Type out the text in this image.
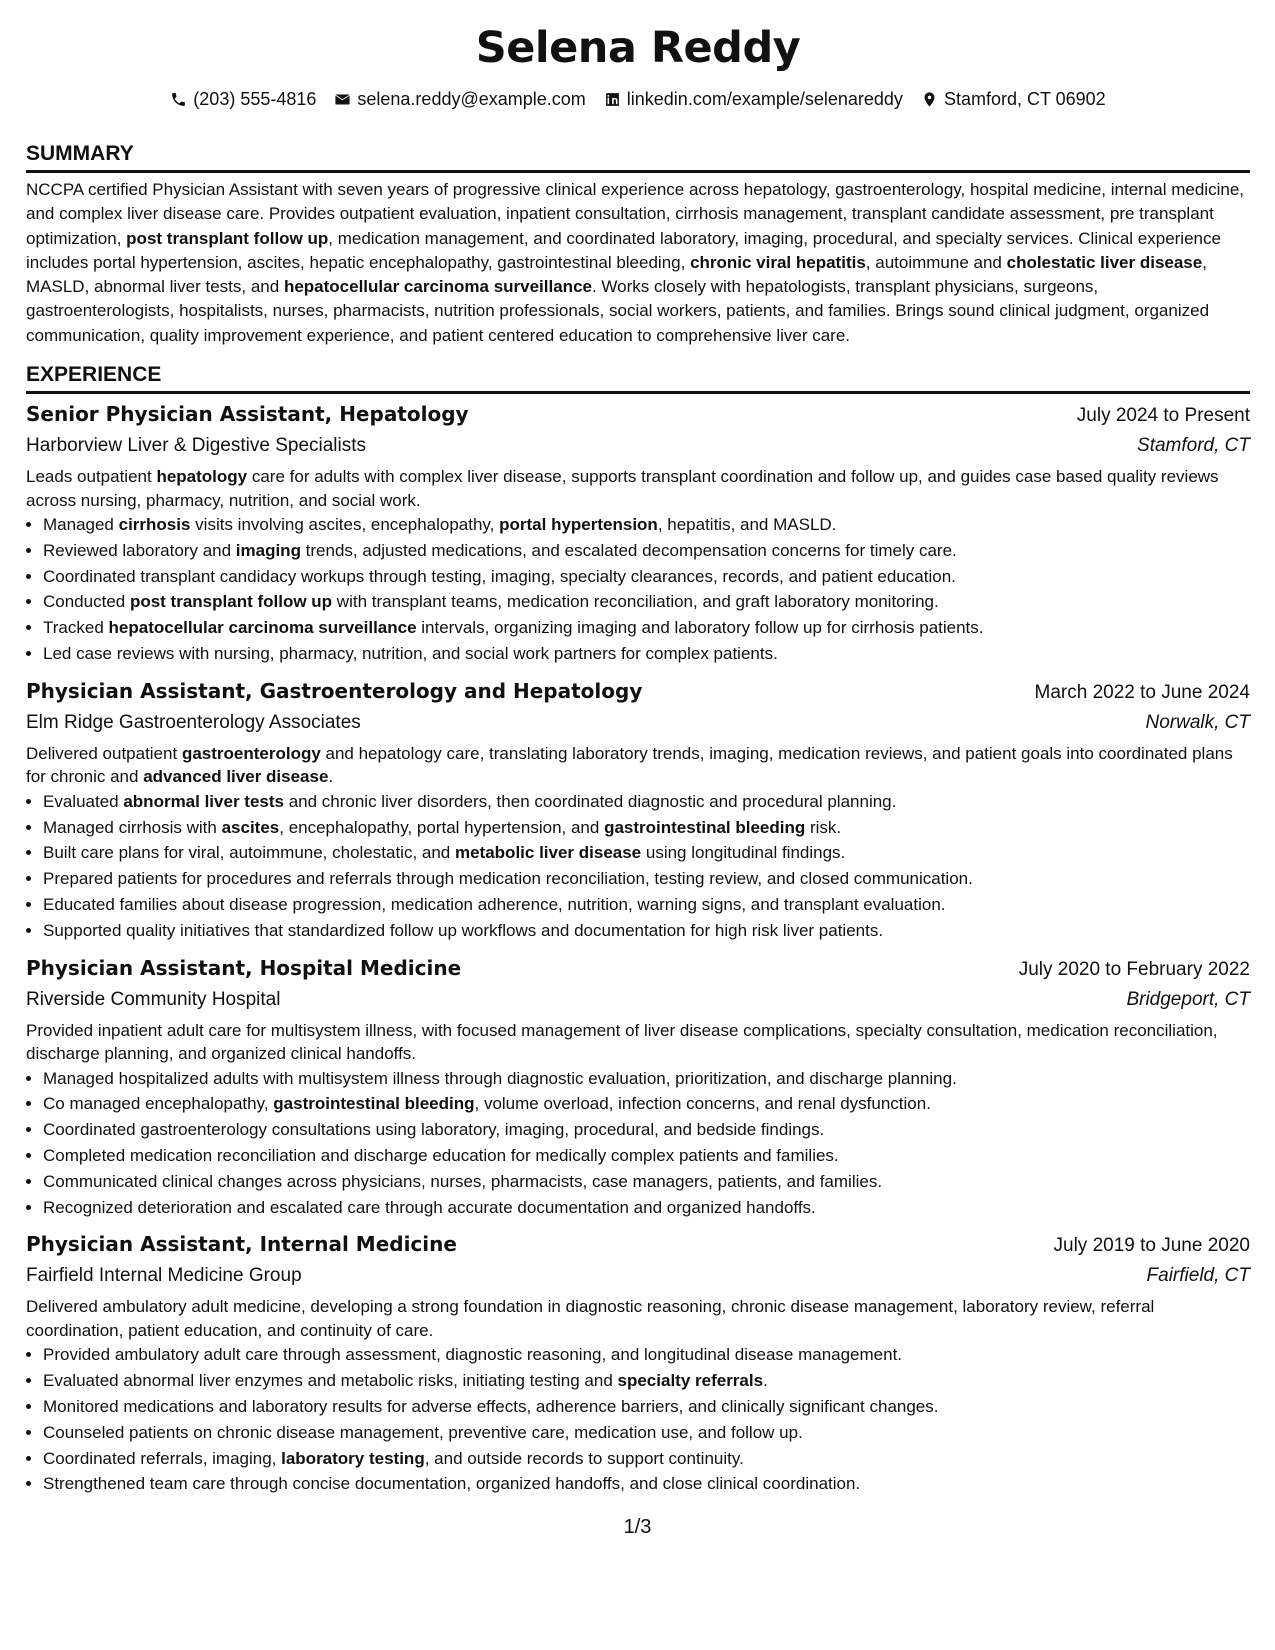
Selena Reddy
(203) 555-4816 selena.reddy@example.com linkedin.com/example/selenareddy Stamford, CT 06902
SUMMARY
NCCPA certified Physician Assistant with seven years of progressive clinical experience across hepatology, gastroenterology, hospital medicine, internal medicine, and complex liver disease care. Provides outpatient evaluation, inpatient consultation, cirrhosis management, transplant candidate assessment, pre transplant optimization, post transplant follow up, medication management, and coordinated laboratory, imaging, procedural, and specialty services. Clinical experience includes portal hypertension, ascites, hepatic encephalopathy, gastrointestinal bleeding, chronic viral hepatitis, autoimmune and cholestatic liver disease, MASLD, abnormal liver tests, and hepatocellular carcinoma surveillance. Works closely with hepatologists, transplant physicians, surgeons, gastroenterologists, hospitalists, nurses, pharmacists, nutrition professionals, social workers, patients, and families. Brings sound clinical judgment, organized communication, quality improvement experience, and patient centered education to comprehensive liver care.
EXPERIENCE
Senior Physician Assistant, Hepatology	July 2024 to Present
Harborview Liver & Digestive Specialists	Stamford, CT
Leads outpatient hepatology care for adults with complex liver disease, supports transplant coordination and follow up, and guides case based quality reviews across nursing, pharmacy, nutrition, and social work.
• Managed cirrhosis visits involving ascites, encephalopathy, portal hypertension, hepatitis, and MASLD.
• Reviewed laboratory and imaging trends, adjusted medications, and escalated decompensation concerns for timely care.
• Coordinated transplant candidacy workups through testing, imaging, specialty clearances, records, and patient education.
• Conducted post transplant follow up with transplant teams, medication reconciliation, and graft laboratory monitoring.
• Tracked hepatocellular carcinoma surveillance intervals, organizing imaging and laboratory follow up for cirrhosis patients.
• Led case reviews with nursing, pharmacy, nutrition, and social work partners for complex patients.
Physician Assistant, Gastroenterology and Hepatology	March 2022 to June 2024
Elm Ridge Gastroenterology Associates	Norwalk, CT
Delivered outpatient gastroenterology and hepatology care, translating laboratory trends, imaging, medication reviews, and patient goals into coordinated plans for chronic and advanced liver disease.
• Evaluated abnormal liver tests and chronic liver disorders, then coordinated diagnostic and procedural planning.
• Managed cirrhosis with ascites, encephalopathy, portal hypertension, and gastrointestinal bleeding risk.
• Built care plans for viral, autoimmune, cholestatic, and metabolic liver disease using longitudinal findings.
• Prepared patients for procedures and referrals through medication reconciliation, testing review, and closed communication.
• Educated families about disease progression, medication adherence, nutrition, warning signs, and transplant evaluation.
• Supported quality initiatives that standardized follow up workflows and documentation for high risk liver patients.
Physician Assistant, Hospital Medicine	July 2020 to February 2022
Riverside Community Hospital	Bridgeport, CT
Provided inpatient adult care for multisystem illness, with focused management of liver disease complications, specialty consultation, medication reconciliation, discharge planning, and organized clinical handoffs.
• Managed hospitalized adults with multisystem illness through diagnostic evaluation, prioritization, and discharge planning.
• Co managed encephalopathy, gastrointestinal bleeding, volume overload, infection concerns, and renal dysfunction.
• Coordinated gastroenterology consultations using laboratory, imaging, procedural, and bedside findings.
• Completed medication reconciliation and discharge education for medically complex patients and families.
• Communicated clinical changes across physicians, nurses, pharmacists, case managers, patients, and families.
• Recognized deterioration and escalated care through accurate documentation and organized handoffs.
Physician Assistant, Internal Medicine	July 2019 to June 2020
Fairfield Internal Medicine Group	Fairfield, CT
Delivered ambulatory adult medicine, developing a strong foundation in diagnostic reasoning, chronic disease management, laboratory review, referral coordination, patient education, and continuity of care.
• Provided ambulatory adult care through assessment, diagnostic reasoning, and longitudinal disease management.
• Evaluated abnormal liver enzymes and metabolic risks, initiating testing and specialty referrals.
• Monitored medications and laboratory results for adverse effects, adherence barriers, and clinically significant changes.
• Counseled patients on chronic disease management, preventive care, medication use, and follow up.
• Coordinated referrals, imaging, laboratory testing, and outside records to support continuity.
• Strengthened team care through concise documentation, organized handoffs, and close clinical coordination.
1/3
